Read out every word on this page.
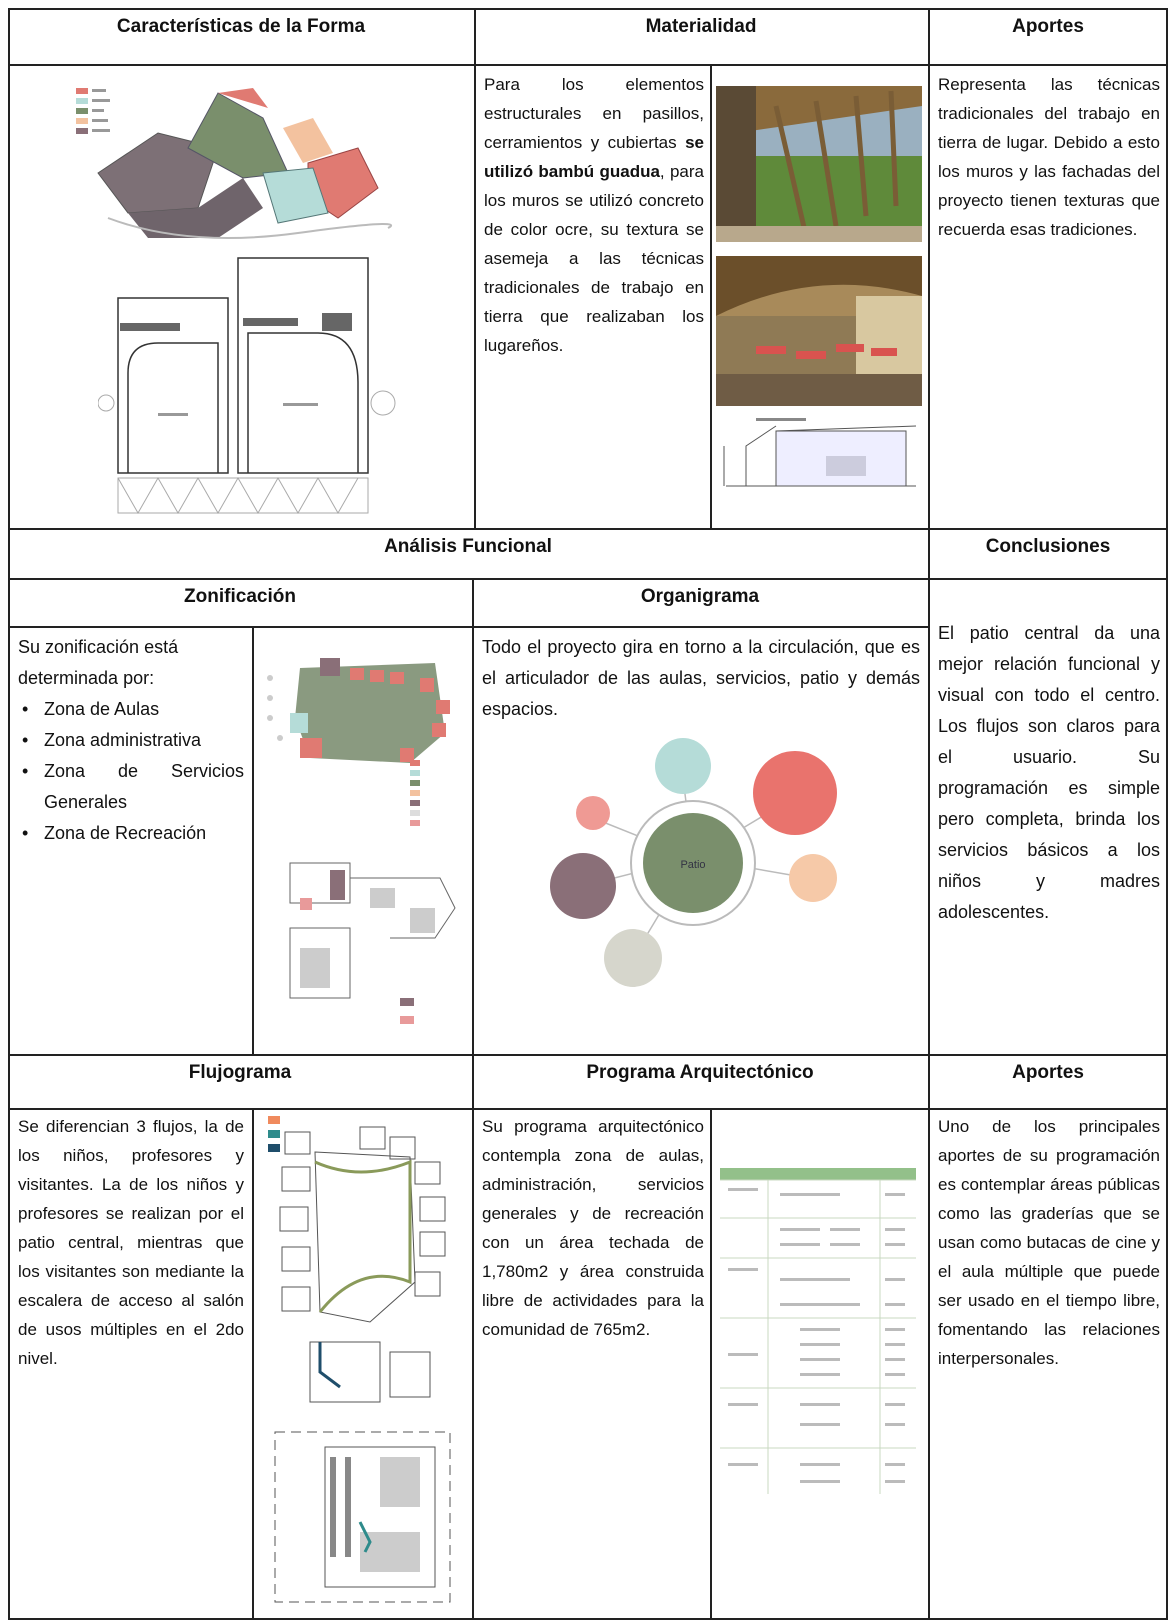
Características de la Forma	Materialidad	Aportes
Para los elementos estructurales en pasillos, cerramientos y cubiertas se utilizó bambú guadua, para los muros se utilizó concreto de color ocre, su textura se asemeja a las técnicas tradicionales de trabajo en tierra que realizaban los lugareños.
Representa las técnicas tradicionales del trabajo en tierra de lugar. Debido a esto los muros y las fachadas del proyecto tienen texturas que recuerda esas tradiciones.
Análisis Funcional	Conclusiones
Zonificación	Organigrama
Su zonificación está determinada por:
• Zona de Aulas
• Zona administrativa
• Zona de Servicios Generales
• Zona de Recreación
Todo el proyecto gira en torno a la circulación, que es el articulador de las aulas, servicios, patio y demás espacios.
Patio
El patio central da una mejor relación funcional y visual con todo el centro. Los flujos son claros para el usuario. Su programación es simple pero completa, brinda los servicios básicos a los niños y madres adolescentes.
Flujograma	Programa Arquitectónico	Aportes
Se diferencian 3 flujos, la de los niños, profesores y visitantes. La de los niños y profesores se realizan por el patio central, mientras que los visitantes son mediante la escalera de acceso al salón de usos múltiples en el 2do nivel.
Su programa arquitectónico contempla zona de aulas, administración, servicios generales y de recreación con un área techada de 1,780m2 y área construida libre de actividades para la comunidad de 765m2.
Uno de los principales aportes de su programación es contemplar áreas públicas como las graderías que se usan como butacas de cine y el aula múltiple que puede ser usado en el tiempo libre, fomentando las relaciones interpersonales.
